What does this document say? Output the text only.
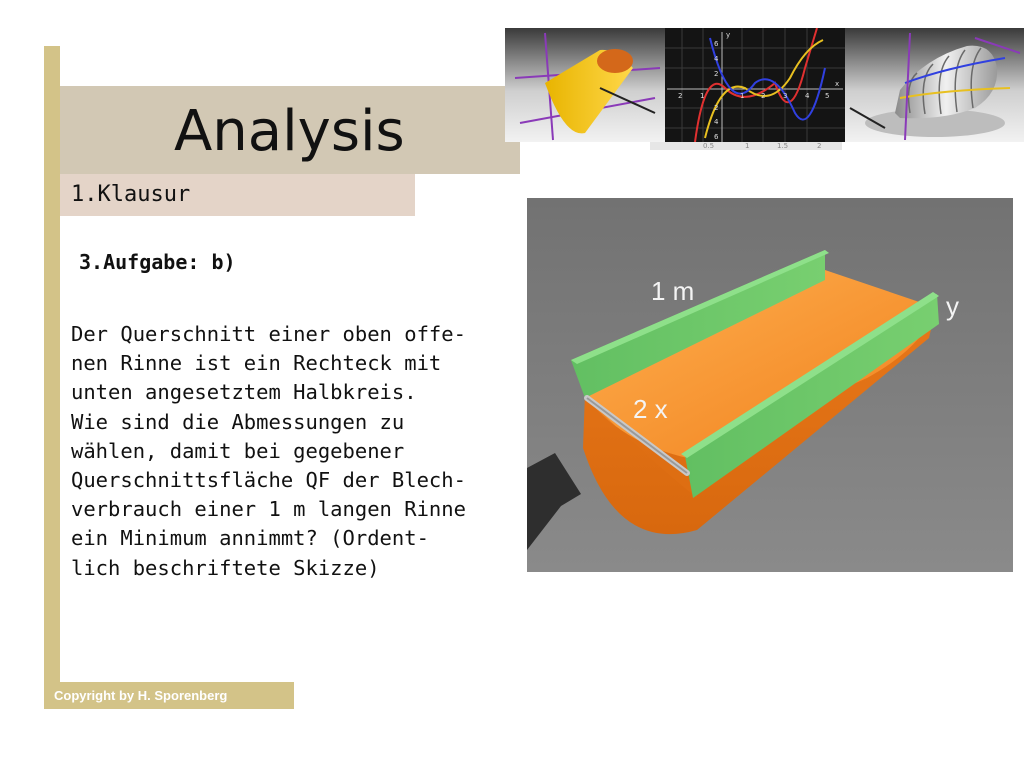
Analysis
1.Klausur
y
x
2	1	1 2	3	4 5
6
4
2
2
4
6
0.5	1	1.5	2
1 m
2 x
y
3.Aufgabe: b)
Der Querschnitt einer oben offe-
nen Rinne ist ein Rechteck mit
unten angesetztem Halbkreis.
Wie sind die Abmessungen zu
wählen, damit bei gegebener
Querschnittsfläche QF der Blech-
verbrauch einer 1 m langen Rinne
ein Minimum annimmt? (Ordent-
lich beschriftete Skizze)
Copyright by H. Sporenberg
